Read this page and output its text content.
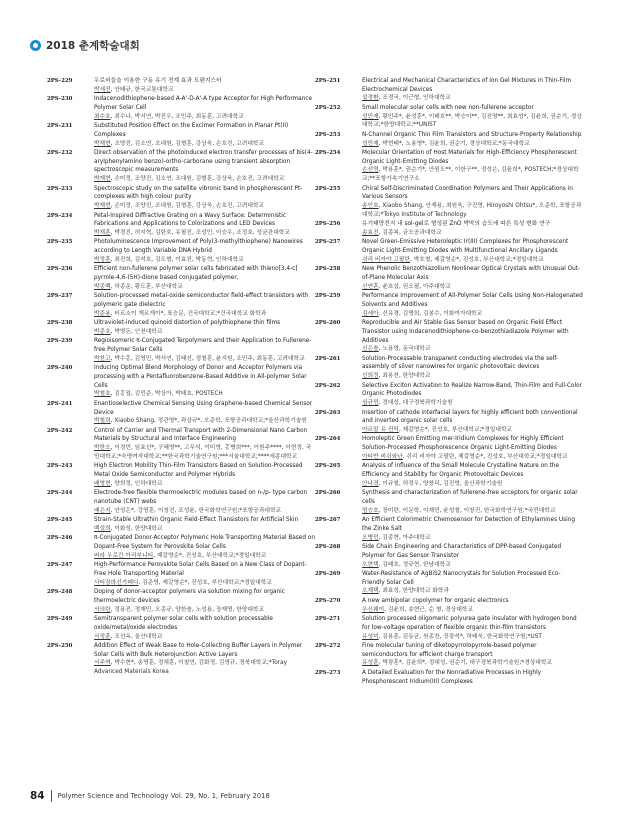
2018 춘계학술대회
2PS-229	우로비들을 이용한 구동 유기 전계 효과 트랜지스터
박세진, 안태규, 한국교통대학교
2PS-230	Indacenodithiophene-based A-A'-D-A'-A type Acceptor for High Performance Polymer Solar Cell
최수호, 최수나, 박서연, 박진우, 조민주, 최동훈, 고려대학교
2PS-231	Substituted Position Effect on the Excimer Formation in Planar Pt(II) Complexes
박재현, 조양진, 김소연, 조대원, 김형훈, 강상욱, 손호진, 고려대학교
2PS-232	Direct observation of the photoinduced electron transfer processes of bis(4-arylphenylamino benzo)-ortho-carborane using transient absorption spectroscopic measurements
박재현, 손미정, 조양진, 김소연, 조대원, 김형훈, 강상욱, 손호진, 고려대학교
2PS-233	Spectroscopic study on the satellite vibronic band in phosphorescent Pt-complexes with high colour purity
박재현, 손미정, 조양진, 조대원, 김형훈, 강상욱, 손호진, 고려대학교
2PS-234	Petal-Inspired Diffractive Grating on a Wavy Surface: Deterministic Fabrications and Applications to Colorizations and LED Devices
박재훈, 박경진, 허지혁, 김탄호, 유필진, 조성민, 이승우, 조정호, 성균관대학교
2PS-235	Photoluminescence Improvement of Poly(3-methylthiophene) Nanowires according to Length Variable DNA Hybrid
박정훈, 최진희, 김석호, 김도형, 이효진, 박동혁, 인하대학교
2PS-236	Efficient non-fullerene polymer solar cells fabricated with thieno[3,4-c] pyrrole-4,6-(5H)-dione based conjugated polymer,
박종백, 허종운, 황도훈, 부산대학교
2PS-237	Solution-processed metal-oxide semiconductor field-effect transistors with polymeric gate dielectric
박준용, 터르소이 게르게이*, 표승문, 건국대학교;*건국대학교 화학과
2PS-238	Ultraviolet-induced quinoid distortion of polythiophene thin films
박준호, 박영돈, 인천대학교
2PS-239	Regioisomeric π-Conjugated Terpolymers and their Application to Fullerene-free Polymer Solar Cells
박찬고, 박수홍, 김영민, 박서연, 김태선, 정철훈, 윤지원, 조민주, 최동훈, 고려대학교
2PS-240	Inducing Optimal Blend Morphology of Donor and Acceptor Polymers via processing with a Pentafluorobenzene-Based Additive in All-polymer Solar Cells
박철호, 김홍일, 김민준, 박상아, 박태호, POSTECH
2PS-241	Enantioselective Chemical Sensing Using Graphene-based Chemical Sensor Device
박철희, Xiaobo Shang, 정관영*, 곽상규*, 오준학, 포항공과대학교;*울산과학기술원
2PS-242	Control of Carrier and Thermal Transport with 2-Dimensional Nano Carbon Materials by Structural and Interface Engineering
박한오, 이정민, 임효선*, 구혜영**, 고무석, 이미영, 홍병희***, 이원주****, 이현정, 국민대학교;*숙명여자대학교;**한국과학기술연구원;***서울대학교;****세종대학교
2PS-243	High Electron Mobility Thin-Film Transistors Based on Solution-Processed Metal Oxide Semiconductor and Polymer Hybrids
배영현, 양희정, 인하대학교
2PS-244	Electrode-free flexible thermoelectric modules based on n-/p- type carbon nanotube (CNT) webs
배은지, 안성은*, 강영훈, 이청진, 조성윤, 한국화학연구원;*포항공과대학교
2PS-245	Strain-Stable Ultrathin Organic Field-Effect Transistors for Artificial Skin
백설희, 이화성, 한양대학교
2PS-246	π-Conjugated Donor-Acceptor Polymeric Hole Transporting Material Based on Dopant-Free System for Perovskite Solar Cells
버라 우로간 아리부니티, 제갈영순*, 진성호, 부산대학교;*경일대학교
2PS-247	High-Performance Perovskite Solar Cells Based on a New Class of Dopant-Free Hole Transporting Material
사티잠라신가레디, 김준영, 제갈영순*, 진성호, 부산대학교;*경일대학교
2PS-248	Doping of donor-acceptor polymers via solution mixing for organic thermoelectric devices
서의란, 정용진, 정재민, 오종규, 양한솔, 노성용, 장재영, 한양대학교
2PS-249	Semitransparent polymer solar cells with solution processable oxide/metal/oxide electrodes
서정훈, 조선옥, 울산대학교
2PS-250	Addition Effect of Weak Base to Hole-Collecting Buffer Layers in Polymer Solar Cells with Bulk Heterojunction Active Layers
서주역, 박수현*, 송명훈, 정채훈, 이철연, 김화정, 김영규, 경북대학교;*Toray Advanced Materials Korea
2PS-251	Electrical and Mechanical Characteristics of Ion Gel Mixtures in Thin-Film Electrochemical Devices
설경환, 조경국, 이근형, 인하대학교
2PS-252	Small molecular solar cells with new non-fullerene acceptor
성민재, 황민주*, 윤성훈*, 이태호**, 박승이**, 김진영**, 최효성*, 김윤희, 권순기, 경상대학교;*한양대학교;**UNIST
2PS-253	N-Channel Organic Thin Film Transistors and Structure-Property Relationship
성민재, 박현태*, 노용영*, 김윤희, 권순기, 경상대학교;*동국대학교
2PS-254	Molecular Orientation of Host Materials for High-Efficiency Phosphorescent Organic Light-Emitting Diodes
손선영, 박용훈*, 권순기*, 안원도**, 이한구**, 정성은, 김윤희*, POSTECH;*경상대학교;**포항가속기연구소
2PS-255	Chiral Self-Discriminated Coordination Polymers and Their Applications in Various Sensors
송인호, Xiaobo Shang, 안재용, 최원욱, 구진영, Hiroyoshi Ohtsu*, 오준학, 포항공과대학교;*Tokyo Institute of Technology
2PS-256	유기태양전지 내 sol-gel로 형성된 ZnO 박막의 습도에 따른 특성 변화 연구
송효진, 김종복, 금오공과대학교
2PS-257	Novel Green-Emissive Heteroleptic Ir(III) Complexes for Phosphorescent Organic Light-Emitting Diodes with Multifunctional Ancillary Ligands
쉬리 비자야 고팔란, 박호철, 제갈영순*, 진성호, 부산대학교;*경일대학교
2PS-258	New Phenolic Benzothiazolium Nonlinear Optical Crystals with Unusual Out-of-Plane Molecular Axis
신연훈, 윤호섭, 권오필, 아주대학교
2PS-259	Performance Improvement of All-Polymer Solar Cells Using Non-Halogenated Solvents and Additives
김세아, 신유경, 김명희, 김봉수, 이화여자대학교
2PS-260	Reproducible and Air Stable Gas Sensor based on Organic Field Effect Transistor using Indacenodithiophene-co-benzothiadiazole Polymer with Additives
신은솔, 노용영, 동국대학교
2PS-261	Solution-Processable transparent conducting electrodes via the self-assembly of silver nanowires for organic photovoltaic devices
신희정, 최용찬, 한양대학교
2PS-262	Selective Exciton Activation to Realize Narrow-Band, Thin-Film and Full-Color Organic Photodiodes
심규민, 정대성, 대구경북과학기술원
2PS-263	Insertion of cathode interfacial layers for highly efficient both conventional and inverted organic solar cells
아르말 유 컨딕, 제갈영순*, 진성호, 부산대학교;*경일대학교
2PS-264	Homoleptic Green Emitting mer-Iridium Complexes for Highly Efficient Solution-Processed Phosphorescence Organic Light-Emitting Diodes
아티반 비쉬와난, 쉬리 비자야 고팔란, 제갈영순*, 진성호, 부산대학교;*경일대학교
2PS-265	Analysis of influence of the Small Molecule Crystalline Nature on the Efficiency and Stability for Organic Photovoltaic Devices
안나경, 이규철, 허정우, 양창덕, 김진영, 울산과학기술원
2PS-266	Synthesis and characterization of fullerene-free acceptors for organic solar cells
엄승호, 장미란, 이문학, 이재민, 윤성철, 이창진, 한국화학연구원;*국민대학교
2PS-267	An Efficient Colorimetric Chemosensor for Detection of Ethylamines Using the Zinke Salt
오병민, 김종현, 아주대학교
2PS-268	Side Chain Engineering and Characteristics of DPP-based Conjugated Polymer for Gas Sensor Transistor
오현택, 김태호, 정규현, 한남대학교
2PS-269	Water-Resistance of AgBiS2 Nanocrystals for Solution Processed Eco-Friendly Solar Cell
오재택, 최효성, 한양대학교 화학과
2PS-270	A new ambipolar copolymer for organic electronics
우신웨이, 김윤희, 송현근, 순 형, 경상대학교
2PS-271	Solution processed oligomeric polyurea gate insulator with hydrogen bond for low-voltage operation of flexible organic thin-film transistors
유성미, 김용훈, 김동균, 원종찬, 장광석*, 하태욱, 한국화학연구원;*UST
2PS-272	Fine molecular tuning of diketopyrrolopyrrole-based polymer semiconductors for efficient charge transport
유성훈, 박광훈*, 김윤희*, 정대성, 권순기, 대구경북과학기술원;*경상대학교
2PS-273	A Detailed Evaluation for the Nonradiative Processes in Highly Phosphorescent Iridium(III) Complexes
84 Polymer Science and Technology Vol. 29, No. 1, February 2018
